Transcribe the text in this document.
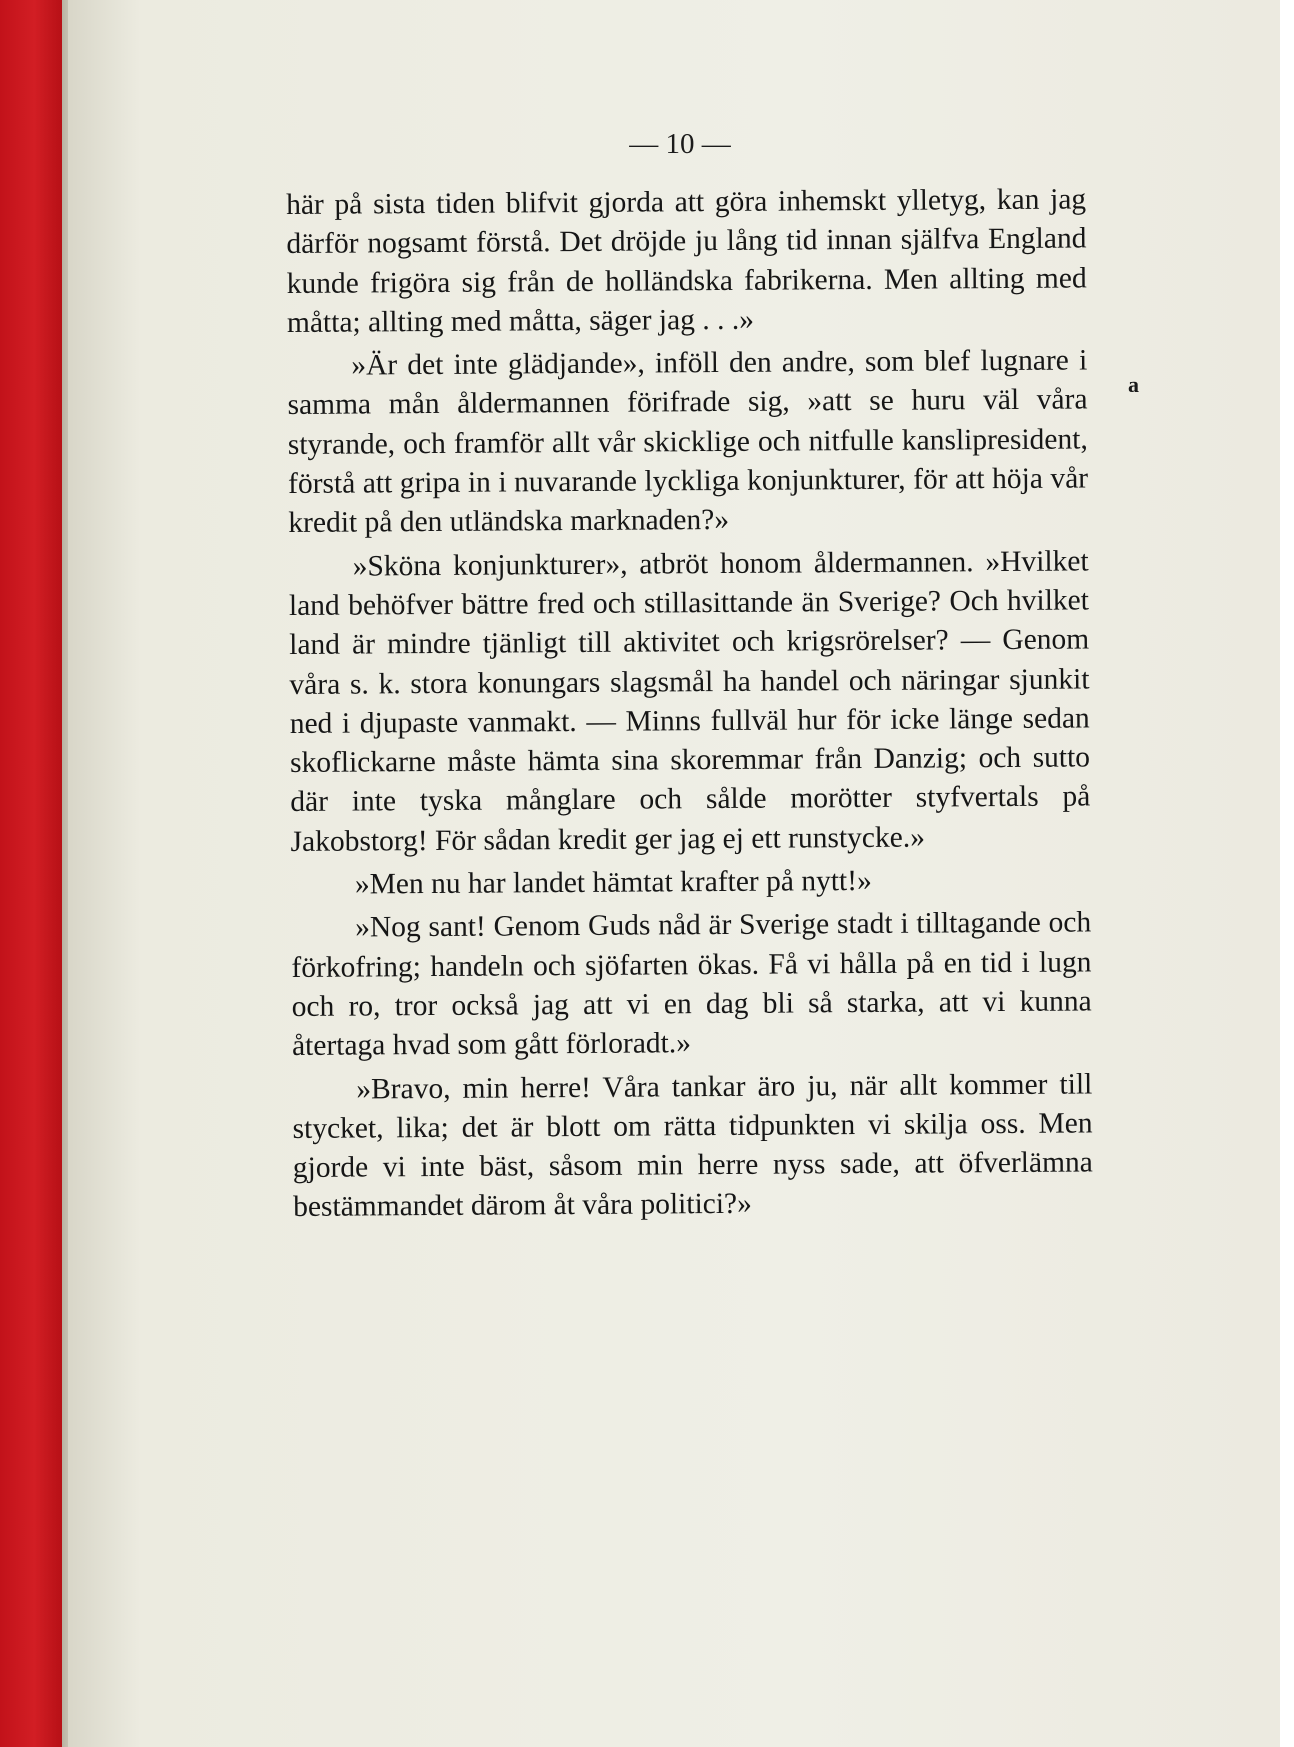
— 10 —

här på sista tiden blifvit gjorda att göra inhemskt ylletyg, kan jag därför nogsamt förstå. Det dröjde ju lång tid innan själfva England kunde frigöra sig från de holländska fabrikerna. Men allting med måtta; allting med måtta, säger jag . . .»

»Är det inte glädjande», inföll den andre, som blef lugnare i samma mån åldermannen förifrade sig, »att se huru väl våra styrande, och framför allt vår skicklige och nitfulle kanslipresident, förstå att gripa in i nuvarande lyckliga konjunkturer, för att höja vår kredit på den utländska marknaden?»

»Sköna konjunkturer», atbröt honom åldermannen. »Hvilket land behöfver bättre fred och stillasittande än Sverige? Och hvilket land är mindre tjänligt till aktivitet och krigsrörelser? — Genom våra s. k. stora konungars slagsmål ha handel och näringar sjunkit ned i djupaste vanmakt. — Minns fullväl hur för icke länge sedan skoflickarne måste hämta sina skoremmar från Danzig; och sutto där inte tyska månglare och sålde morötter styfvertals på Jakobstorg! För sådan kredit ger jag ej ett runstycke.»

»Men nu har landet hämtat krafter på nytt!»

»Nog sant! Genom Guds nåd är Sverige stadt i tilltagande och förkofring; handeln och sjöfarten ökas. Få vi hålla på en tid i lugn och ro, tror också jag att vi en dag bli så starka, att vi kunna återtaga hvad som gått förloradt.»

»Bravo, min herre! Våra tankar äro ju, när allt kommer till stycket, lika; det är blott om rätta tidpunkten vi skilja oss. Men gjorde vi inte bäst, såsom min herre nyss sade, att öfverlämna bestämmandet därom åt våra politici?»

a
